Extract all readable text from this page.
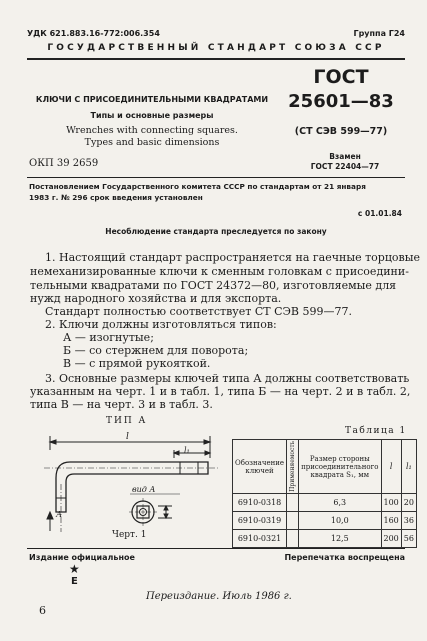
УДК 621.883.16-772:006.354	Группа Г24
ГОСУДАРСТВЕННЫЙ СТАНДАРТ СОЮЗА ССР
КЛЮЧИ С ПРИСОЕДИНИТЕЛЬНЫМИ КВАДРАТАМИ
Типы и основные размеры
Wrenches with connecting squares.
Types and basic dimensions
ОКП 39 2659
ГОСТ
25601—83
(СТ СЭВ 599—77)
Взамен
ГОСТ 22404—77
Постановлением Государственного комитета СССР по стандартам от 21 января
1983 г. № 296 срок введения установлен
с 01.01.84
Несоблюдение стандарта преследуется по закону
1. Настоящий стандарт распространяется на гаечные торцовые
немеханизированные ключи к сменным головкам с присоедини-
тельными квадратами по ГОСТ 24372—80, изготовляемые для
нужд народного хозяйства и для экспорта.
Стандарт полностью соответствует СТ СЭВ 599—77.
2. Ключи должны изготовляться типов:
А — изогнутые;
Б — со стержнем для поворота;
В — с прямой рукояткой.
3. Основные размеры ключей типа А должны соответствовать
указанным на черт. 1 и в табл. 1, типа Б — на черт. 2 и в табл. 2,
типа В — на черт. 3 и в табл. 3.
ТИП А
l
l₁
вид А
А
Черт. 1
Таблица 1
Обозначение ключей	Применяемость	Размер стороны присоединительного квадрата S₁, мм	l	l₁
6910-0318		6,3	100	20
6910-0319		10,0	160	36
6910-0321		12,5	200	56
Издание официальное	Перепечатка воспрещена
★
Е
Переиздание. Июль 1986 г.
6
